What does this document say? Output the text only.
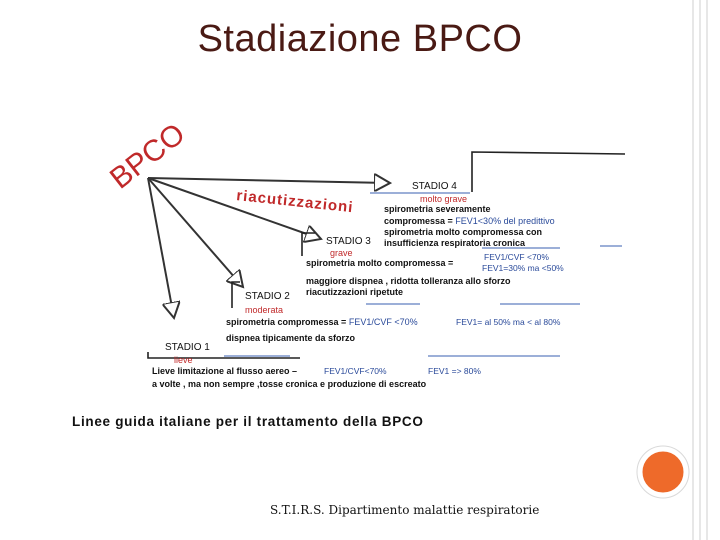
Stadiazione BPCO
BPCO
riacutizzazioni
STADIO 4
molto grave
spirometria severamente
compromessa = FEV1<30% del predittivo
spirometria molto compromessa con
insufficienza respiratoria cronica
STADIO 3
grave	FEV1/CVF <70%
spirometria molto compromessa =	FEV1=30% ma <50%
maggiore dispnea , ridotta tolleranza allo sforzo
riacutizzazioni ripetute
STADIO 2
moderata
spirometria compromessa = FEV1/CVF <70%	FEV1= al 50% ma < al 80%
dispnea tipicamente da sforzo
STADIO 1
lieve
Lieve limitazione al flusso aereo –	FEV1/CVF<70%	FEV1 => 80%
a volte , ma non sempre ,tosse cronica e produzione di escreato
Linee guida italiane per il trattamento della BPCO
S.T.I.R.S. Dipartimento malattie respiratorie
